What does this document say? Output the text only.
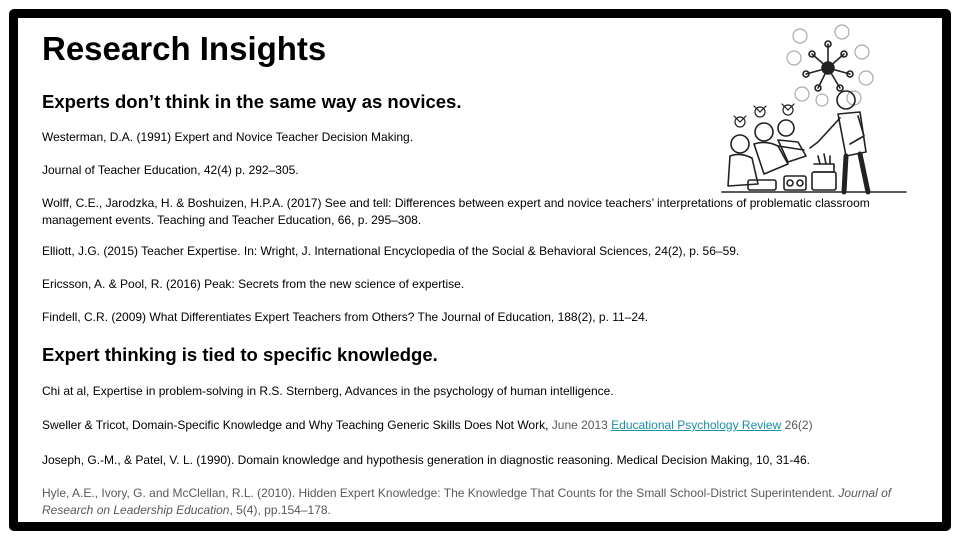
Research Insights
Experts don’t think in the same way as novices.

Westerman, D.A. (1991) Expert and Novice Teacher Decision Making.

Journal of Teacher Education, 42(4) p. 292–305.

Wolff, C.E., Jarodzka, H. & Boshuizen, H.P.A. (2017) See and tell: Differences between expert and novice teachers’ interpretations of problematic classroom management events. Teaching and Teacher Education, 66, p. 295–308.

Elliott, J.G. (2015) Teacher Expertise. In: Wright, J. International Encyclopedia of the Social & Behavioral Sciences, 24(2), p. 56–59.

Ericsson, A. & Pool, R. (2016) Peak: Secrets from the new science of expertise.

Findell, C.R. (2009) What Differentiates Expert Teachers from Others? The Journal of Education, 188(2), p. 11–24.

Expert thinking is tied to specific knowledge.

Chi at al, Expertise in problem-solving in R.S. Sternberg, Advances in the psychology of human intelligence.

Sweller & Tricot, Domain-Specific Knowledge and Why Teaching Generic Skills Does Not Work, June 2013 Educational Psychology Review 26(2)

Joseph, G.-M., & Patel, V. L. (1990). Domain knowledge and hypothesis generation in diagnostic reasoning. Medical Decision Making, 10, 31-46.

Hyle, A.E., Ivory, G. and McClellan, R.L. (2010). Hidden Expert Knowledge: The Knowledge That Counts for the Small School-District Superintendent. Journal of Research on Leadership Education, 5(4), pp.154–178.
